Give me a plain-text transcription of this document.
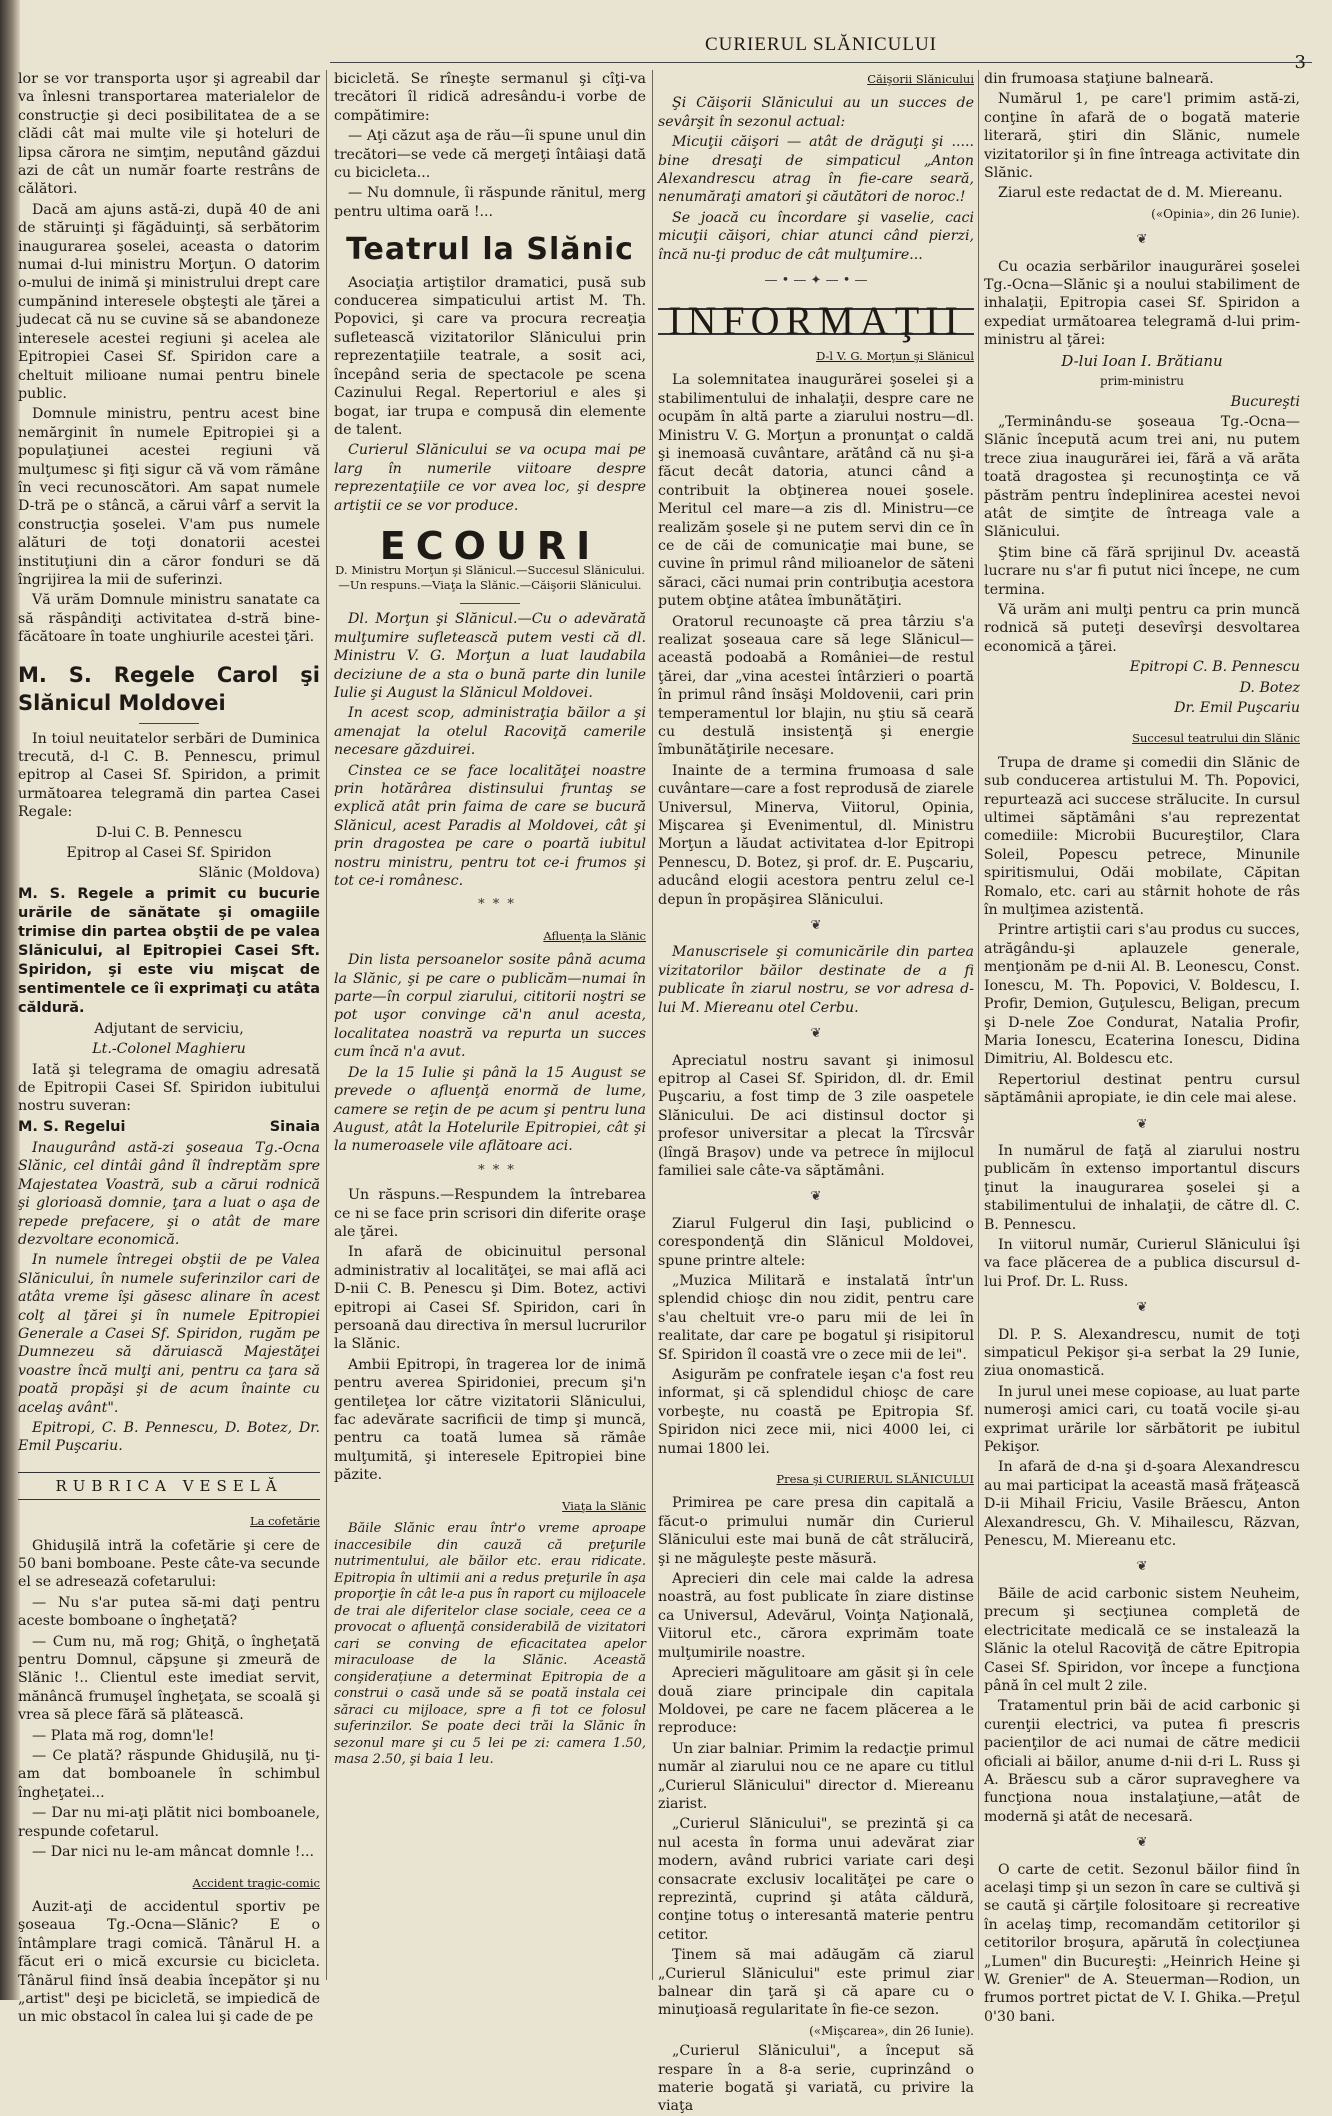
CURIERUL SLĂNICULUI
3

lor se vor transporta uşor şi agreabil dar va înlesni transportarea materialelor de construcţie şi deci posibilitatea de a se clădi cât mai multe vile şi hoteluri de lipsa cărora ne simţim, neputând găzdui azi de cât un număr foarte restrâns de călători.

Dacă am ajuns astă-zi, după 40 de ani de stăruinţi şi făgăduinţi, să serbătorim inaugurarea şoselei, aceasta o datorim numai d-lui ministru Morţun. O datorim o-mului de inimă şi ministrului drept care cumpănind interesele obşteşti ale ţărei a judecat că nu se cuvine să se abandoneze interesele acestei regiuni şi acelea ale Epitropiei Casei Sf. Spiridon care a cheltuit milioane numai pentru binele public.

Domnule ministru, pentru acest bine nemărginit în numele Epitropiei şi a populaţiunei acestei regiuni vă mulţumesc şi fiţi sigur că vă vom rămâne în veci recunoscători. Am sapat numele D-tră pe o stâncă, a cărui vârf a servit la construcţia şoselei. V'am pus numele alături de toţi donatorii acestei instituţiuni din a căror fonduri se dă îngrijirea la mii de suferinzi.

Vă urăm Domnule ministru sanatate ca să răspândiţi activitatea d-stră bine-făcătoare în toate unghiurile acestei ţări.

M. S. Regele Carol şi Slănicul Moldovei

In toiul neuitatelor serbări de Duminica trecută, d-l C. B. Pennescu, primul epitrop al Casei Sf. Spiridon, a primit următoarea telegramă din partea Casei Regale:

D-lui C. B. Pennescu

Epitrop al Casei Sf. Spiridon

Slănic (Moldova)

M. S. Regele a primit cu bucurie urările de sănătate şi omagiile trimise din partea obştii de pe valea Slănicului, al Epitropiei Casei Sft. Spiridon, şi este viu mişcat de sentimentele ce îi exprimaţi cu atâta căldură.

Adjutant de serviciu,

Lt.-Colonel Maghieru

Iată şi telegrama de omagiu adresată de Epitropii Casei Sf. Spiridon iubitului nostru suveran:

M. S. Regelui	Sinaia

Inaugurând astă-zi şoseaua Tg.-Ocna Slănic, cel dintâi gând îl îndreptăm spre Majestatea Voastră, sub a cărui rodnică şi glorioasă domnie, ţara a luat o aşa de repede prefacere, şi o atât de mare dezvoltare economică.

In numele întregei obştii de pe Valea Slănicului, în numele suferinzilor cari de atâta vreme îşi găsesc alinare în acest colţ al ţărei şi în numele Epitropiei Generale a Casei Sf. Spiridon, rugăm pe Dumnezeu să dăruiască Majestăţei voastre încă mulţi ani, pentru ca ţara să poată propăşi şi de acum înainte cu acelaş avânt".

Epitropi, C. B. Pennescu, D. Botez, Dr. Emil Puşcariu.

RUBRICA VESELĂ

La cofetărie

Ghiduşilă intră la cofetărie şi cere de 50 bani bomboane. Peste câte-va secunde el se adresează cofetarului:

— Nu s'ar putea să-mi daţi pentru aceste bomboane o îngheţată?

— Cum nu, mă rog; Ghiţă, o îngheţată pentru Domnul, căpşune şi zmeură de Slănic !.. Clientul este imediat servit, mănâncă frumuşel îngheţata, se scoală şi vrea să plece fără să plătească.

— Plata mă rog, domn'le!

— Ce plată? răspunde Ghiduşilă, nu ţi-am dat bomboanele în schimbul îngheţatei...

— Dar nu mi-aţi plătit nici bomboanele, respunde cofetarul.

— Dar nici nu le-am mâncat domnle !...

Accident tragic-comic

Auzit-aţi de accidentul sportiv pe şoseaua Tg.-Ocna—Slănic? E o întâmplare tragi comică. Tânărul H. a făcut eri o mică excursie cu bicicleta. Tânărul fiind însă deabia începător şi nu „artist" deşi pe bicicletă, se impiedică de un mic obstacol în calea lui şi cade de pe

bicicletă. Se rîneşte sermanul şi cîţi-va trecători îl ridică adresându-i vorbe de compătimire:

— Aţi căzut aşa de rău—îi spune unul din trecători—se vede că mergeţi întâiaşi dată cu bicicleta...

— Nu domnule, îi răspunde rănitul, merg pentru ultima oară !...

Teatrul la Slănic

Asociaţia artiştilor dramatici, pusă sub conducerea simpaticului artist M. Th. Popovici, şi care va procura recreaţia sufletească vizitatorilor Slănicului prin reprezentaţiile teatrale, a sosit aci, începând seria de spectacole pe scena Cazinului Regal. Repertoriul e ales şi bogat, iar trupa e compusă din elemente de talent.

Curierul Slănicului se va ocupa mai pe larg în numerile viitoare despre reprezentaţiile ce vor avea loc, şi despre artiştii ce se vor produce.

ECOURI

D. Ministru Morţun şi Slănicul.—Succesul Slănicului.—Un respuns.—Viaţa la Slănic.—Căişorii Slănicului.

Dl. Morţun şi Slănicul.—Cu o adevărată mulţumire sufletească putem vesti că dl. Ministru V. G. Morţun a luat laudabila deciziune de a sta o bună parte din lunile Iulie şi August la Slănicul Moldovei.

In acest scop, administraţia băilor a şi amenajat la otelul Racoviţă camerile necesare găzduirei.

Cinstea ce se face localităţei noastre prin hotărârea distinsului fruntaş se explică atât prin faima de care se bucură Slănicul, acest Paradis al Moldovei, cât şi prin dragostea pe care o poartă iubitul nostru ministru, pentru tot ce-i frumos şi tot ce-i românesc.

* * *

Afluenţa la Slănic

Din lista persoanelor sosite până acuma la Slănic, şi pe care o publicăm—numai în parte—în corpul ziarului, cititorii noştri se pot uşor convinge că'n anul acesta, localitatea noastră va repurta un succes cum încă n'a avut.

De la 15 Iulie şi până la 15 August se prevede o afluenţă enormă de lume, camere se reţin de pe acum şi pentru luna August, atât la Hotelurile Epitropiei, cât şi la numeroasele vile aflătoare aci.

* * *

Un răspuns.—Respundem la întrebarea ce ni se face prin scrisori din diferite oraşe ale ţărei.

In afară de obicinuitul personal administrativ al localităţei, se mai află aci D-nii C. B. Penescu şi Dim. Botez, activi epitropi ai Casei Sf. Spiridon, cari în persoană dau directiva în mersul lucrurilor la Slănic.

Ambii Epitropi, în tragerea lor de inimă pentru averea Spiridoniei, precum şi'n gentileţea lor către vizitatorii Slănicului, fac adevărate sacrificii de timp şi muncă, pentru ca toată lumea să rămâe mulţumită, şi interesele Epitropiei bine păzite.

Viaţa la Slănic

Băile Slănic erau într'o vreme aproape inaccesibile din cauză că preţurile nutrimentului, ale băilor etc. erau ridicate. Epitropia în ultimii ani a redus preţurile în aşa proporţie în cât le-a pus în raport cu mijloacele de trai ale diferitelor clase sociale, ceea ce a provocat o afluenţă considerabilă de vizitatori cari se conving de eficacitatea apelor miraculoase de la Slănic. Această conşiderațiune a determinat Epitropia de a construi o casă unde să se poată instala cei săraci cu mijloace, spre a fi tot ce folosul suferinzilor. Se poate deci trăi la Slănic în sezonul mare şi cu 5 lei pe zi: camera 1.50, masa 2.50, şi baia 1 leu.

Căişorii Slănicului

Şi Căişorii Slănicului au un succes de sevârşit în sezonul actual:

Micuţii căişori — atât de drăguţi şi ..... bine dresaţi de simpaticul „Anton Alexandrescu atrag în fie-care seară, nenumăraţi amatori şi căutători de noroc.!

Se joacă cu încordare şi vaselie, caci micuţii căişori, chiar atunci când pierzi, încă nu-ţi produc de cât mulţumire...

— • — ✦ — • —

INFORMAŢII

D-l V. G. Morţun şi Slănicul

La solemnitatea inaugurărei şoselei şi a stabilimentului de inhalaţii, despre care ne ocupăm în altă parte a ziarului nostru—dl. Ministru V. G. Morţun a pronunţat o caldă şi inemoasă cuvântare, arătând că nu şi-a făcut decât datoria, atunci când a contribuit la obţinerea nouei şosele. Meritul cel mare—a zis dl. Ministru—ce realizăm şosele şi ne putem servi din ce în ce de căi de comunicaţie mai bune, se cuvine în primul rând milioanelor de săteni săraci, căci numai prin contribuţia acestora putem obţine atâtea îmbunătăţiri.

Oratorul recunoaşte că prea târziu s'a realizat şoseaua care să lege Slănicul—această podoabă a României—de restul ţărei, dar „vina acestei întârzieri o poartă în primul rând însăşi Moldovenii, cari prin temperamentul lor blajin, nu ştiu să ceară cu destulă insistenţă şi energie îmbunătăţirile necesare.

Inainte de a termina frumoasa d sale cuvântare—care a fost reprodusă de ziarele Universul, Minerva, Viitorul, Opinia, Mişcarea şi Evenimentul, dl. Ministru Morţun a lăudat activitatea d-lor Epitropi Pennescu, D. Botez, şi prof. dr. E. Puşcariu, aducând elogii acestora pentru zelul ce-l depun în propăşirea Slănicului.

❦

Manuscrisele şi comunicările din partea vizitatorilor băilor destinate de a fi publicate în ziarul nostru, se vor adresa d-lui M. Miereanu otel Cerbu.

❦

Apreciatul nostru savant şi inimosul epitrop al Casei Sf. Spiridon, dl. dr. Emil Puşcariu, a fost timp de 3 zile oaspetele Slănicului. De aci distinsul doctor şi profesor universitar a plecat la Tîrcsvâr (lîngă Braşov) unde va petrece în mijlocul familiei sale câte-va săptămâni.

❦

Ziarul Fulgerul din Iaşi, publicind o corespondenţă din Slănicul Moldovei, spune printre altele:

„Muzica Militară e instalată într'un splendid chioşc din nou zidit, pentru care s'au cheltuit vre-o paru mii de lei în realitate, dar care pe bogatul şi risipitorul Sf. Spiridon îl coastă vre o zece mii de lei".

Asigurăm pe confratele ieşan c'a fost reu informat, şi că splendidul chioşc de care vorbeşte, nu coastă pe Epitropia Sf. Spiridon nici zece mii, nici 4000 lei, ci numai 1800 lei.

Presa şi CURIERUL SLĂNICULUI

Primirea pe care presa din capitală a făcut-o primului număr din Curierul Slănicului este mai bună de cât străluciră, şi ne măguleşte peste măsură.

Aprecieri din cele mai calde la adresa noastră, au fost publicate în ziare distinse ca Universul, Adevărul, Voinţa Naţională, Viitorul etc., cărora exprimăm toate mulţumirile noastre.

Aprecieri măgulitoare am găsit şi în cele două ziare principale din capitala Moldovei, pe care ne facem plăcerea a le reproduce:

Un ziar balniar. Primim la redacţie primul număr al ziarului nou ce ne apare cu titlul „Curierul Slănicului" director d. Miereanu ziarist.

„Curierul Slănicului", se prezintă şi ca nul acesta în forma unui adevărat ziar modern, având rubrici variate cari deşi consacrate exclusiv localităţei pe care o reprezintă, cuprind şi atâta căldură, conţine totuş o interesantă materie pentru cetitor.

Ţinem să mai adăugăm că ziarul „Curierul Slănicului" este primul ziar balnear din ţară şi că apare cu o minuţioasă regularitate în fie-ce sezon.

(«Mişcarea», din 26 Iunie).

„Curierul Slănicului", a început să respare în a 8-a serie, cuprinzând o materie bogată şi variată, cu privire la viaţa

din frumoasa staţiune balneară.

Numărul 1, pe care'l primim astă-zi, conţine în afară de o bogată materie literară, ştiri din Slănic, numele vizitatorilor şi în fine întreaga activitate din Slănic.

Ziarul este redactat de d. M. Miereanu.

(«Opinia», din 26 Iunie).

❦

Cu ocazia serbărilor inaugurărei şoselei Tg.-Ocna—Slănic şi a noului stabiliment de inhalaţii, Epitropia casei Sf. Spiridon a expediat următoarea telegramă d-lui prim-ministru al ţărei:

D-lui Ioan I. Brătianu

prim-ministru

Bucureşti

„Terminându-se şoseaua Tg.-Ocna—Slănic începută acum trei ani, nu putem trece ziua inaugurărei iei, fără a vă arăta toată dragostea şi recunoştinţa ce vă păstrăm pentru îndeplinirea acestei nevoi atât de simţite de întreaga vale a Slănicului.

Ştim bine că fără sprijinul Dv. această lucrare nu s'ar fi putut nici începe, ne cum termina.

Vă urăm ani mulţi pentru ca prin muncă rodnică să puteţi desevîrşi desvoltarea economică a ţărei.

Epitropi C. B. Pennescu

D. Botez

Dr. Emil Puşcariu

Succesul teatrului din Slănic

Trupa de drame şi comedii din Slănic de sub conducerea artistului M. Th. Popovici, repurtează aci succese strălucite. In cursul ultimei săptămâni s'au reprezentat comediile: Microbii Bucureştilor, Clara Soleil, Popescu petrece, Minunile spiritismului, Odăi mobilate, Căpitan Romalo, etc. cari au stârnit hohote de râs în mulţimea azistentă.

Printre artiştii cari s'au produs cu succes, atrăgându-şi aplauzele generale, menţionăm pe d-nii Al. B. Leonescu, Const. Ionescu, M. Th. Popovici, V. Boldescu, I. Profir, Demion, Guţulescu, Beligan, precum şi D-nele Zoe Condurat, Natalia Profir, Maria Ionescu, Ecaterina Ionescu, Didina Dimitriu, Al. Boldescu etc.

Repertoriul destinat pentru cursul săptămânii apropiate, ie din cele mai alese.

❦

In numărul de faţă al ziarului nostru publicăm în extenso importantul discurs ţinut la inaugurarea şoselei şi a stabilimentului de inhalaţii, de către dl. C. B. Pennescu.

In viitorul număr, Curierul Slănicului îşi va face plăcerea de a publica discursul d-lui Prof. Dr. L. Russ.

❦

Dl. P. S. Alexandrescu, numit de toţi simpaticul Pekişor şi-a serbat la 29 Iunie, ziua onomastică.

In jurul unei mese copioase, au luat parte numeroşi amici cari, cu toată vocile şi-au exprimat urările lor sărbătorit pe iubitul Pekişor.

In afară de d-na şi d-şoara Alexandrescu au mai participat la această masă frăţească D-ii Mihail Friciu, Vasile Brăescu, Anton Alexandrescu, Gh. V. Mihailescu, Răzvan, Penescu, M. Miereanu etc.

❦

Băile de acid carbonic sistem Neuheim, precum şi secţiunea completă de electricitate medicală ce se instalează la Slănic la otelul Racoviţă de către Epitropia Casei Sf. Spiridon, vor începe a funcţiona până în cel mult 2 zile.

Tratamentul prin băi de acid carbonic şi curenţii electrici, va putea fi prescris pacienţilor de aci numai de către medicii oficiali ai băilor, anume d-nii d-ri L. Russ şi A. Brăescu sub a căror supraveghere va funcţiona noua instalaţiune,—atât de modernă şi atât de necesară.

❦

O carte de cetit. Sezonul băilor fiind în acelaşi timp şi un sezon în care se cultivă şi se caută şi cărţile folositoare şi recreative în acelaş timp, recomandăm cetitorilor şi cetitorilor broşura, apărută în colecţiunea „Lumen" din Bucureşti: „Heinrich Heine şi W. Grenier" de A. Steuerman—Rodion, un frumos portret pictat de V. I. Ghika.—Preţul 0'30 bani.
